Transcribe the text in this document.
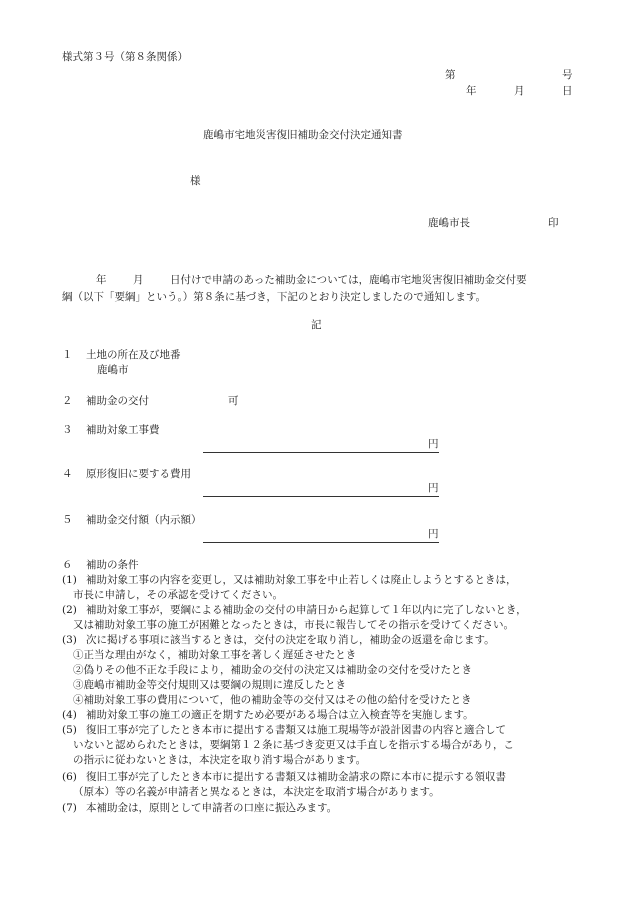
様式第３号（第８条関係）
第	号
年	月	日
鹿嶋市宅地災害復旧補助金交付決定通知書
様
鹿嶋市長	印
年	月	日付けで申請のあった補助金については，鹿嶋市宅地災害復旧補助金交付要
綱（以下「要綱」という。）第８条に基づき，下記のとおり決定しましたので通知します。
記
１ 土地の所在及び地番
鹿嶋市
２ 補助金の交付	可
３ 補助対象工事費
円
４ 原形復旧に要する費用
円
５ 補助金交付額（内示額）
円
６ 補助の条件
(1) 補助対象工事の内容を変更し，又は補助対象工事を中止若しくは廃止しようとするときは，
市長に申請し，その承認を受けてください。
(2) 補助対象工事が，要綱による補助金の交付の申請日から起算して１年以内に完了しないとき，
又は補助対象工事の施工が困難となったときは，市長に報告してその指示を受けてください。
(3) 次に掲げる事項に該当するときは，交付の決定を取り消し，補助金の返還を命じます。
①正当な理由がなく，補助対象工事を著しく遅延させたとき
②偽りその他不正な手段により，補助金の交付の決定又は補助金の交付を受けたとき
③鹿嶋市補助金等交付規則又は要綱の規則に違反したとき
④補助対象工事の費用について，他の補助金等の交付又はその他の給付を受けたとき
(4) 補助対象工事の施工の適正を期すため必要がある場合は立入検査等を実施します。
(5) 復旧工事が完了したとき本市に提出する書類又は施工現場等が設計図書の内容と適合して
いないと認められたときは，要綱第１２条に基づき変更又は手直しを指示する場合があり，こ
の指示に従わないときは，本決定を取り消す場合があります。
(6) 復旧工事が完了したとき本市に提出する書類又は補助金請求の際に本市に提示する領収書
（原本）等の名義が申請者と異なるときは，本決定を取消す場合があります。
(7) 本補助金は，原則として申請者の口座に振込みます。
